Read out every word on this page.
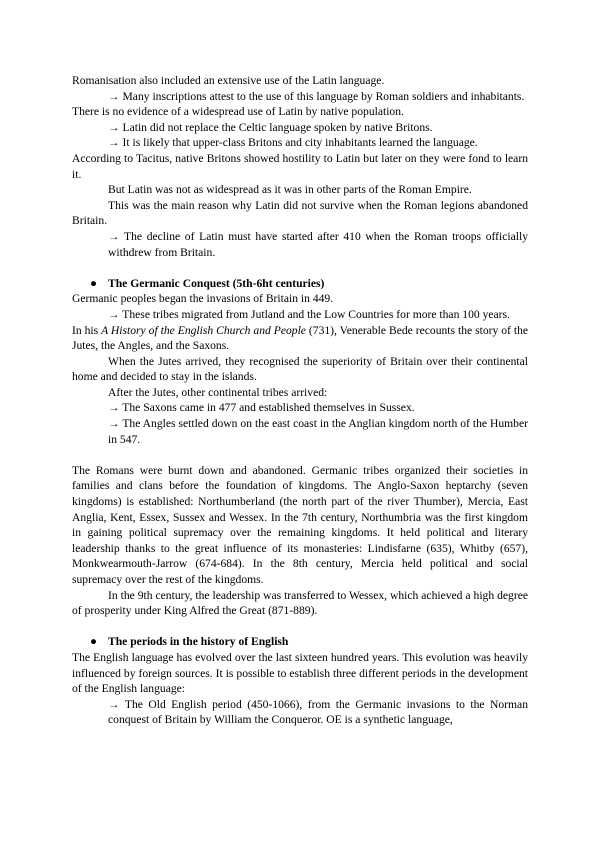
Romanisation also included an extensive use of the Latin language.

→ Many inscriptions attest to the use of this language by Roman soldiers and inhabitants.

There is no evidence of a widespread use of Latin by native population.

→ Latin did not replace the Celtic language spoken by native Britons.

→ It is likely that upper-class Britons and city inhabitants learned the language.

According to Tacitus, native Britons showed hostility to Latin but later on they were fond to learn it.

But Latin was not as widespread as it was in other parts of the Roman Empire.

This was the main reason why Latin did not survive when the Roman legions abandoned Britain.

→ The decline of Latin must have started after 410 when the Roman troops officially withdrew from Britain.

● The Germanic Conquest (5th-6ht centuries)

Germanic peoples began the invasions of Britain in 449.

→ These tribes migrated from Jutland and the Low Countries for more than 100 years.

In his A History of the English Church and People (731), Venerable Bede recounts the story of the Jutes, the Angles, and the Saxons.

When the Jutes arrived, they recognised the superiority of Britain over their continental home and decided to stay in the islands.

After the Jutes, other continental tribes arrived:

→ The Saxons came in 477 and established themselves in Sussex.

→ The Angles settled down on the east coast in the Anglian kingdom north of the Humber in 547.

The Romans were burnt down and abandoned. Germanic tribes organized their societies in families and clans before the foundation of kingdoms. The Anglo-Saxon heptarchy (seven kingdoms) is established: Northumberland (the north part of the river Thumber), Mercia, East Anglia, Kent, Essex, Sussex and Wessex. In the 7th century, Northumbria was the first kingdom in gaining political supremacy over the remaining kingdoms. It held political and literary leadership thanks to the great influence of its monasteries: Lindisfarne (635), Whitby (657), Monkwearmouth-Jarrow (674-684). In the 8th century, Mercia held political and social supremacy over the rest of the kingdoms.

In the 9th century, the leadership was transferred to Wessex, which achieved a high degree of prosperity under King Alfred the Great (871-889).

● The periods in the history of English

The English language has evolved over the last sixteen hundred years. This evolution was heavily influenced by foreign sources. It is possible to establish three different periods in the development of the English language:

→ The Old English period (450-1066), from the Germanic invasions to the Norman conquest of Britain by William the Conqueror. OE is a synthetic language,
